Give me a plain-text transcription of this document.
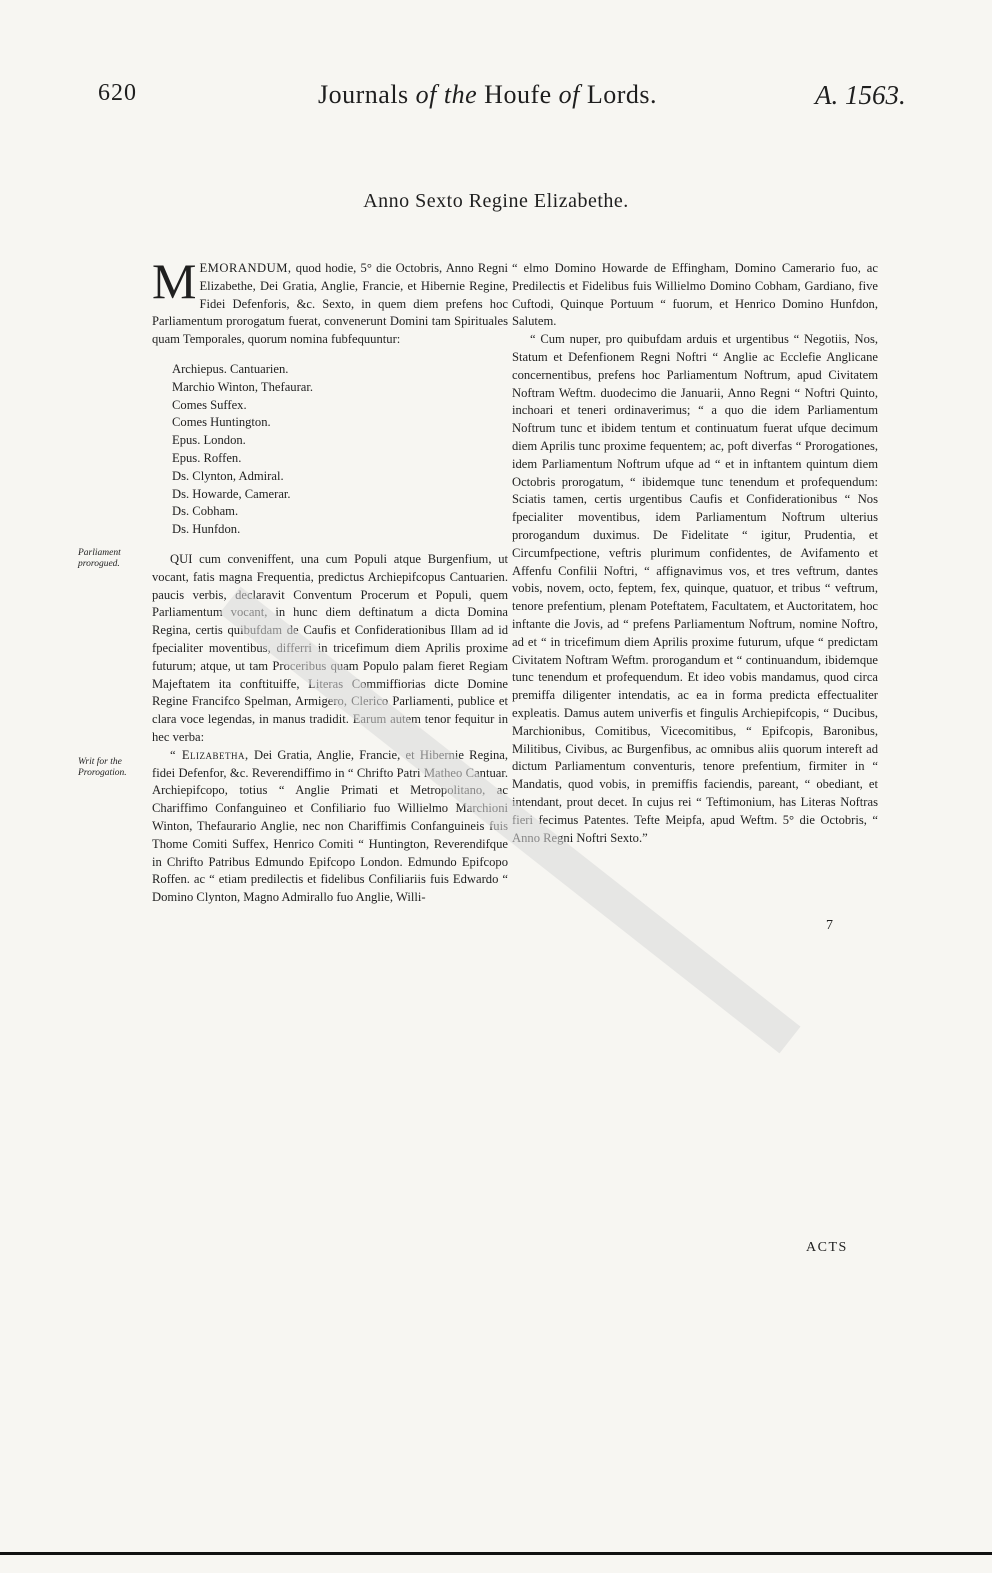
620	Journals of the Houfe of Lords.	A. 1563.
Anno Sexto Regine Elizabethe.
Parliament prorogued.
Writ for the Prorogation.

MEMORANDUM, quod hodie, 5° die Octobris, Anno Regni Elizabethe, Dei Gratia, Anglie, Francie, et Hibernie Regine, Fidei Defenforis, &c. Sexto, in quem diem prefens hoc Parliamentum prorogatum fuerat, convenerunt Domini tam Spirituales quam Temporales, quorum nomina fubfequuntur:

Archiepus. Cantuarien.
Marchio Winton, Thefaurar.
Comes Suffex.
Comes Huntington.
Epus. London.
Epus. Roffen.
Ds. Clynton, Admiral.
Ds. Howarde, Camerar.
Ds. Cobham.
Ds. Hunfdon.

QUI cum conveniffent, una cum Populi atque Burgenfium, ut vocant, fatis magna Frequentia, predictus Archiepifcopus Cantuarien. paucis verbis, declaravit Conventum Procerum et Populi, quem Parliamentum vocant, in hunc diem deftinatum a dicta Domina Regina, certis quibufdam de Caufis et Confiderationibus Illam ad id fpecialiter moventibus, differri in tricefimum diem Aprilis proxime futurum; atque, ut tam Proceribus quam Populo palam fieret Regiam Majeftatem ita conftituiffe, Literas Commiffiorias dicte Domine Regine Francifco Spelman, Armigero, Clerico Parliamenti, publice et clara voce legendas, in manus tradidit. Earum autem tenor fequitur in hec verba:

“ Elizabetha, Dei Gratia, Anglie, Francie, et Hibernie Regina, fidei Defenfor, &c. Reverendiffimo in “ Chrifto Patri Matheo Cantuar. Archiepifcopo, totius “ Anglie Primati et Metropolitano, ac Chariffimo Confanguineo et Confiliario fuo Willielmo Marchioni Winton, Thefaurario Anglie, nec non Chariffimis Confanguineis fuis Thome Comiti Suffex, Henrico Comiti “ Huntington, Reverendifque in Chrifto Patribus Edmundo Epifcopo London. Edmundo Epifcopo Roffen. ac “ etiam predilectis et fidelibus Confiliariis fuis Edwardo “ Domino Clynton, Magno Admirallo fuo Anglie, Willi-

“ elmo Domino Howarde de Effingham, Domino Camerario fuo, ac Predilectis et Fidelibus fuis Willielmo Domino Cobham, Gardiano, five Cuftodi, Quinque Portuum “ fuorum, et Henrico Domino Hunfdon, Salutem.

“ Cum nuper, pro quibufdam arduis et urgentibus “ Negotiis, Nos, Statum et Defenfionem Regni Noftri “ Anglie ac Ecclefie Anglicane concernentibus, prefens hoc Parliamentum Noftrum, apud Civitatem Noftram Weftm. duodecimo die Januarii, Anno Regni “ Noftri Quinto, inchoari et teneri ordinaverimus; “ a quo die idem Parliamentum Noftrum tunc et ibidem tentum et continuatum fuerat ufque decimum diem Aprilis tunc proxime fequentem; ac, poft diverfas “ Prorogationes, idem Parliamentum Noftrum ufque ad “ et in inftantem quintum diem Octobris prorogatum, “ ibidemque tunc tenendum et profequendum: Sciatis tamen, certis urgentibus Caufis et Confiderationibus “ Nos fpecialiter moventibus, idem Parliamentum Noftrum ulterius prorogandum duximus. De Fidelitate “ igitur, Prudentia, et Circumfpectione, veftris plurimum confidentes, de Avifamento et Affenfu Confilii Noftri, “ affignavimus vos, et tres veftrum, dantes vobis, novem, octo, feptem, fex, quinque, quatuor, et tribus “ veftrum, tenore prefentium, plenam Poteftatem, Facultatem, et Auctoritatem, hoc inftante die Jovis, ad “ prefens Parliamentum Noftrum, nomine Noftro, ad et “ in tricefimum diem Aprilis proxime futurum, ufque “ predictam Civitatem Noftram Weftm. prorogandum et “ continuandum, ibidemque tunc tenendum et profequendum. Et ideo vobis mandamus, quod circa premiffa diligenter intendatis, ac ea in forma predicta effectualiter expleatis. Damus autem univerfis et fingulis Archiepifcopis, “ Ducibus, Marchionibus, Comitibus, Vicecomitibus, “ Epifcopis, Baronibus, Militibus, Civibus, ac Burgenfibus, ac omnibus aliis quorum intereft ad dictum Parliamentum conventuris, tenore prefentium, firmiter in “ Mandatis, quod vobis, in premiffis faciendis, pareant, “ obediant, et intendant, prout decet. In cujus rei “ Teftimonium, has Literas Noftras fieri fecimus Patentes. Tefte Meipfa, apud Weftm. 5° die Octobris, “ Anno Regni Noftri Sexto.”

7
ACTS
